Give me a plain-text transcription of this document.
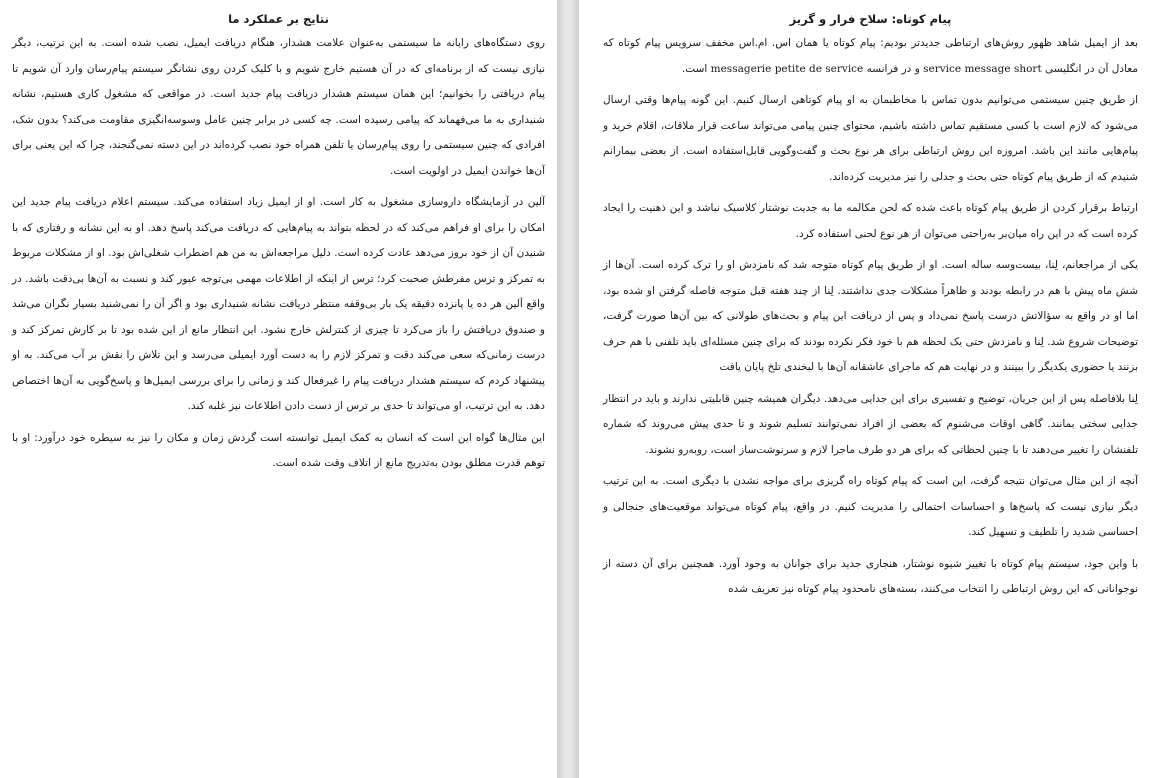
نتایج بر عملکرد ما

روی دستگاه‌های رایانه ما سیستمی به‌عنوان علامت هشدار، هنگام دریافت ایمیل، نصب شده است. به این ترتیب، دیگر نیازی نیست که از برنامه‌ای که در آن هستیم خارج شویم و با کلیک کردن روی نشانگر سیستم پیام‌رسان وارد آن شویم تا پیام دریافتی را بخوانیم؛ این همان سیستم هشدار دریافت پیام جدید است. در مواقعی که مشغول کاری هستیم، نشانه شنیداری به ما می‌فهماند که پیامی رسیده است. چه کسی در برابر چنین عامل وسوسه‌انگیزی مقاومت می‌کند؟ بدون شک، افرادی که چنین سیستمی را روی پیام‌رسان یا تلفن همراه خود نصب کرده‌اند در این دسته نمی‌گنجند، چرا که این یعنی برای آن‌ها خواندن ایمیل در اولویت است.

آلین در آزمایشگاه داروسازی مشغول به کار است. او از ایمیل زیاد استفاده می‌کند. سیستم اعلام دریافت پیام جدید این امکان را برای او فراهم می‌کند که در لحظه بتواند به پیام‌هایی که دریافت می‌کند پاسخ دهد. او به این نشانه و رفتاری که با شنیدن آن از خود بروز می‌دهد عادت کرده است. دلیل مراجعه‌اش به من هم اضطراب شغلی‌اش بود. او از مشکلات مربوط به تمرکز و ترس مفرطش صحبت کرد؛ ترس از اینکه از اطلاعات مهمی بی‌توجه عبور کند و نسبت به آن‌ها بی‌دقت باشد. در واقع آلین هر ده یا پانزده دقیقه یک بار بی‌وقفه منتظر دریافت نشانه شنیداری بود و اگر آن را نمی‌شنید بسیار نگران می‌شد و صندوق دریافتش را باز می‌کرد تا چیزی از کنترلش خارج نشود. این انتظار مانع از این شده بود تا بر کارش تمرکز کند و درست زمانی‌که سعی می‌کند دقت و تمرکز لازم را به دست آورد ایمیلی می‌رسد و این تلاش را نقش بر آب می‌کند. به او پیشنهاد کردم که سیستم هشدار دریافت پیام را غیرفعال کند و زمانی را برای بررسی ایمیل‌ها و پاسخ‌گویی به آن‌ها اختصاص دهد. به این ترتیب، او می‌تواند تا حدی بر ترس از دست دادن اطلاعات نیز غلبه کند.

این مثال‌ها گواه این است که انسان به کمک ایمیل توانسته است گردش زمان و مکان را نیز به سیطره خود درآورد: او با توهم قدرت مطلق بودن به‌تدریج مانع از اتلاف وقت شده است.

پیام کوتاه: سلاح فرار و گریز

بعد از ایمیل شاهد ظهور روش‌های ارتباطی جدیدتر بودیم: پیام کوتاه یا همان اس. ام.اس مخفف سرویس پیام کوتاه که معادل آن در انگلیسی service message short و در فرانسه messagerie petite de service است.

از طریق چنین سیستمی می‌توانیم بدون تماس با مخاطبمان به او پیام کوتاهی ارسال کنیم. این گونه پیام‌ها وقتی ارسال می‌شود که لازم است با کسی مستقیم تماس داشته باشیم، محتوای چنین پیامی می‌تواند ساعت قرار ملاقات، اقلام خرید و پیام‌هایی مانند این باشد. امروزه این روش ارتباطی برای هر نوع بحث و گفت‌وگویی قابل‌استفاده است. از بعضی بیمارانم شنیدم که از طریق پیام کوتاه حتی بحث و جدلی را نیز مدیریت کرده‌اند.

ارتباط برقرار کردن از طریق پیام کوتاه باعث شده که لحن مکالمه ما به جدیت نوشتار کلاسیک نباشد و این ذهنیت را ایجاد کرده است که در این راه میان‌بر به‌راحتی می‌توان از هر نوع لحنی استفاده کرد.

یکی از مراجعانم، لِنا، بیست‌وسه ساله است. او از طریق پیام کوتاه متوجه شد که نامزدش او را ترک کرده است. آن‌ها از شش ماه پیش با هم در رابطه بودند و ظاهراً مشکلات جدی نداشتند. لِنا از چند هفته قبل متوجه فاصله گرفتن او شده بود، اما او در واقع به سؤالاتش درست پاسخ نمی‌داد و پس از دریافت این پیام و بحث‌های طولانی که بین آن‌ها صورت گرفت، توضیحات شروع شد. لِنا و نامزدش حتی یک لحظه هم با خود فکر نکرده بودند که برای چنین مسئله‌ای باید تلفنی با هم حرف بزنند یا حضوری یکدیگر را ببینند و در نهایت هم که ماجرای عاشقانه آن‌ها با لبخندی تلخ پایان یافت

لِنا بلافاصله پس از این جریان، توضیح و تفسیری برای این جدایی می‌دهد. دیگران همیشه چنین قابلیتی ندارند و باید در انتظار جدایی سختی بمانند. گاهی اوقات می‌شنوم که بعضی از افراد نمی‌توانند تسلیم شوند و تا حدی پیش می‌روند که شماره تلفنشان را تغییر می‌دهند تا با چنین لحظاتی که برای هر دو طرف ماجرا لازم و سرنوشت‌ساز است، روبه‌رو نشوند.

آنچه از این مثال می‌توان نتیجه گرفت، این است که پیام کوتاه راه گریزی برای مواجه نشدن با دیگری است. به این ترتیب دیگر نیازی نیست که پاسخ‌ها و احساسات احتمالی را مدیریت کنیم. در واقع، پیام کوتاه می‌تواند موقعیت‌های جنجالی و احساسی شدید را تلطیف و تسهیل کند.

با واین جود، سیستم پیام کوتاه با تغییر شیوه نوشتار، هنجاری جدید برای جوانان به وجود آورد. همچنین برای آن دسته از نوجوانانی که این روش ارتباطی را انتخاب می‌کنند، بسته‌های نامحدود پیام کوتاه نیز تعریف شده
